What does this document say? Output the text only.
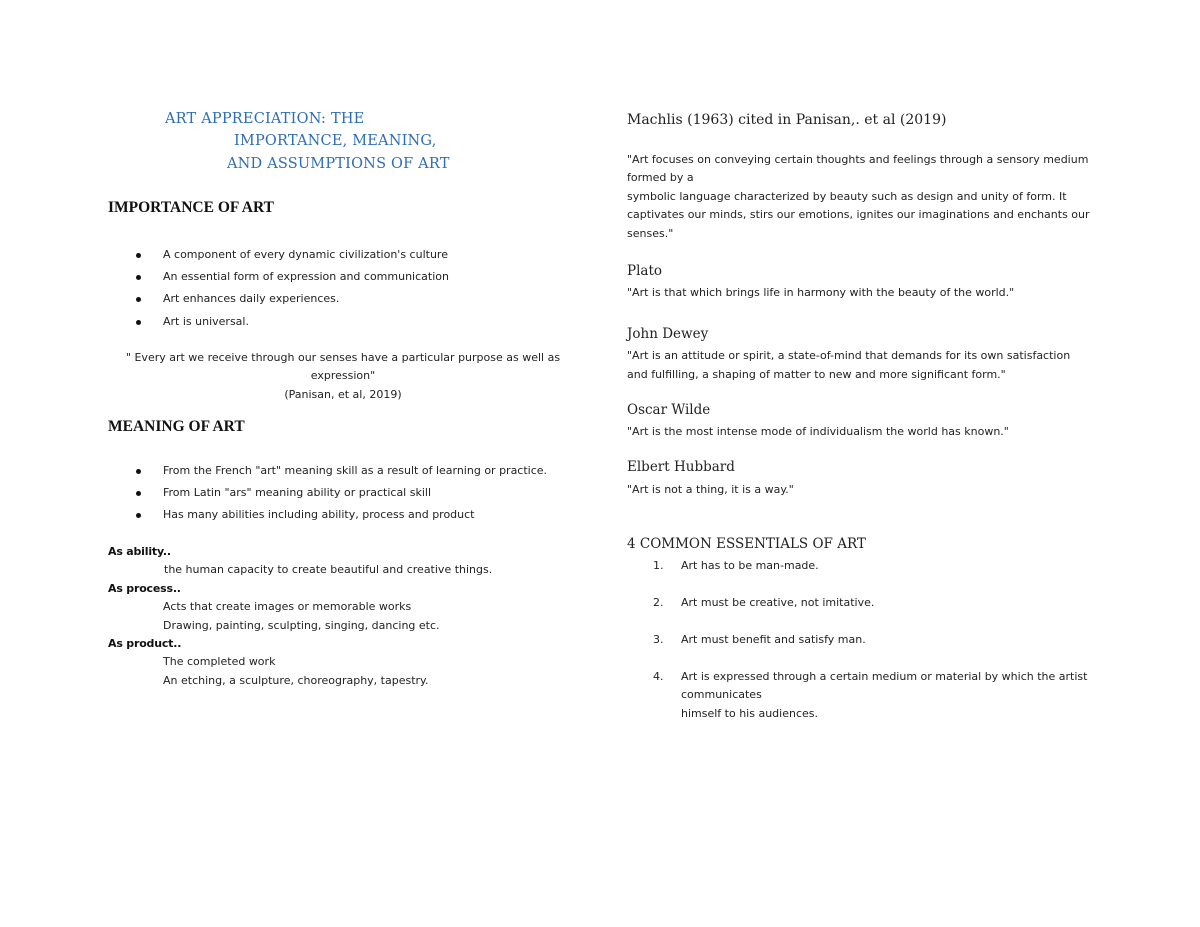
ART APPRECIATION: THE
IMPORTANCE, MEANING,
AND ASSUMPTIONS OF ART
IMPORTANCE OF ART
A component of every dynamic civilization's culture
An essential form of expression and communication
Art enhances daily experiences.
Art is universal.
" Every art we receive through our senses have a particular purpose as well as
expression"
(Panisan, et al, 2019)
MEANING OF ART
From the French "art" meaning skill as a result of learning or practice.
From Latin "ars" meaning ability or practical skill
Has many abilities including ability, process and product
As ability..
the human capacity to create beautiful and creative things.
As process..
Acts that create images or memorable works
Drawing, painting, sculpting, singing, dancing etc.
As product..
The completed work
An etching, a sculpture, choreography, tapestry.
Machlis (1963) cited in Panisan,. et al (2019)
"Art focuses on conveying certain thoughts and feelings through a sensory medium
formed by a
symbolic language characterized by beauty such as design and unity of form. It
captivates our minds, stirs our emotions, ignites our imaginations and enchants our
senses."
Plato
"Art is that which brings life in harmony with the beauty of the world."
John Dewey
"Art is an attitude or spirit, a state-of-mind that demands for its own satisfaction
and fulfilling, a shaping of matter to new and more significant form."
Oscar Wilde
"Art is the most intense mode of individualism the world has known."
Elbert Hubbard
"Art is not a thing, it is a way."
4 COMMON ESSENTIALS OF ART
1. Art has to be man-made.
2. Art must be creative, not imitative.
3. Art must benefit and satisfy man.
4. Art is expressed through a certain medium or material by which the artist
communicates
himself to his audiences.
